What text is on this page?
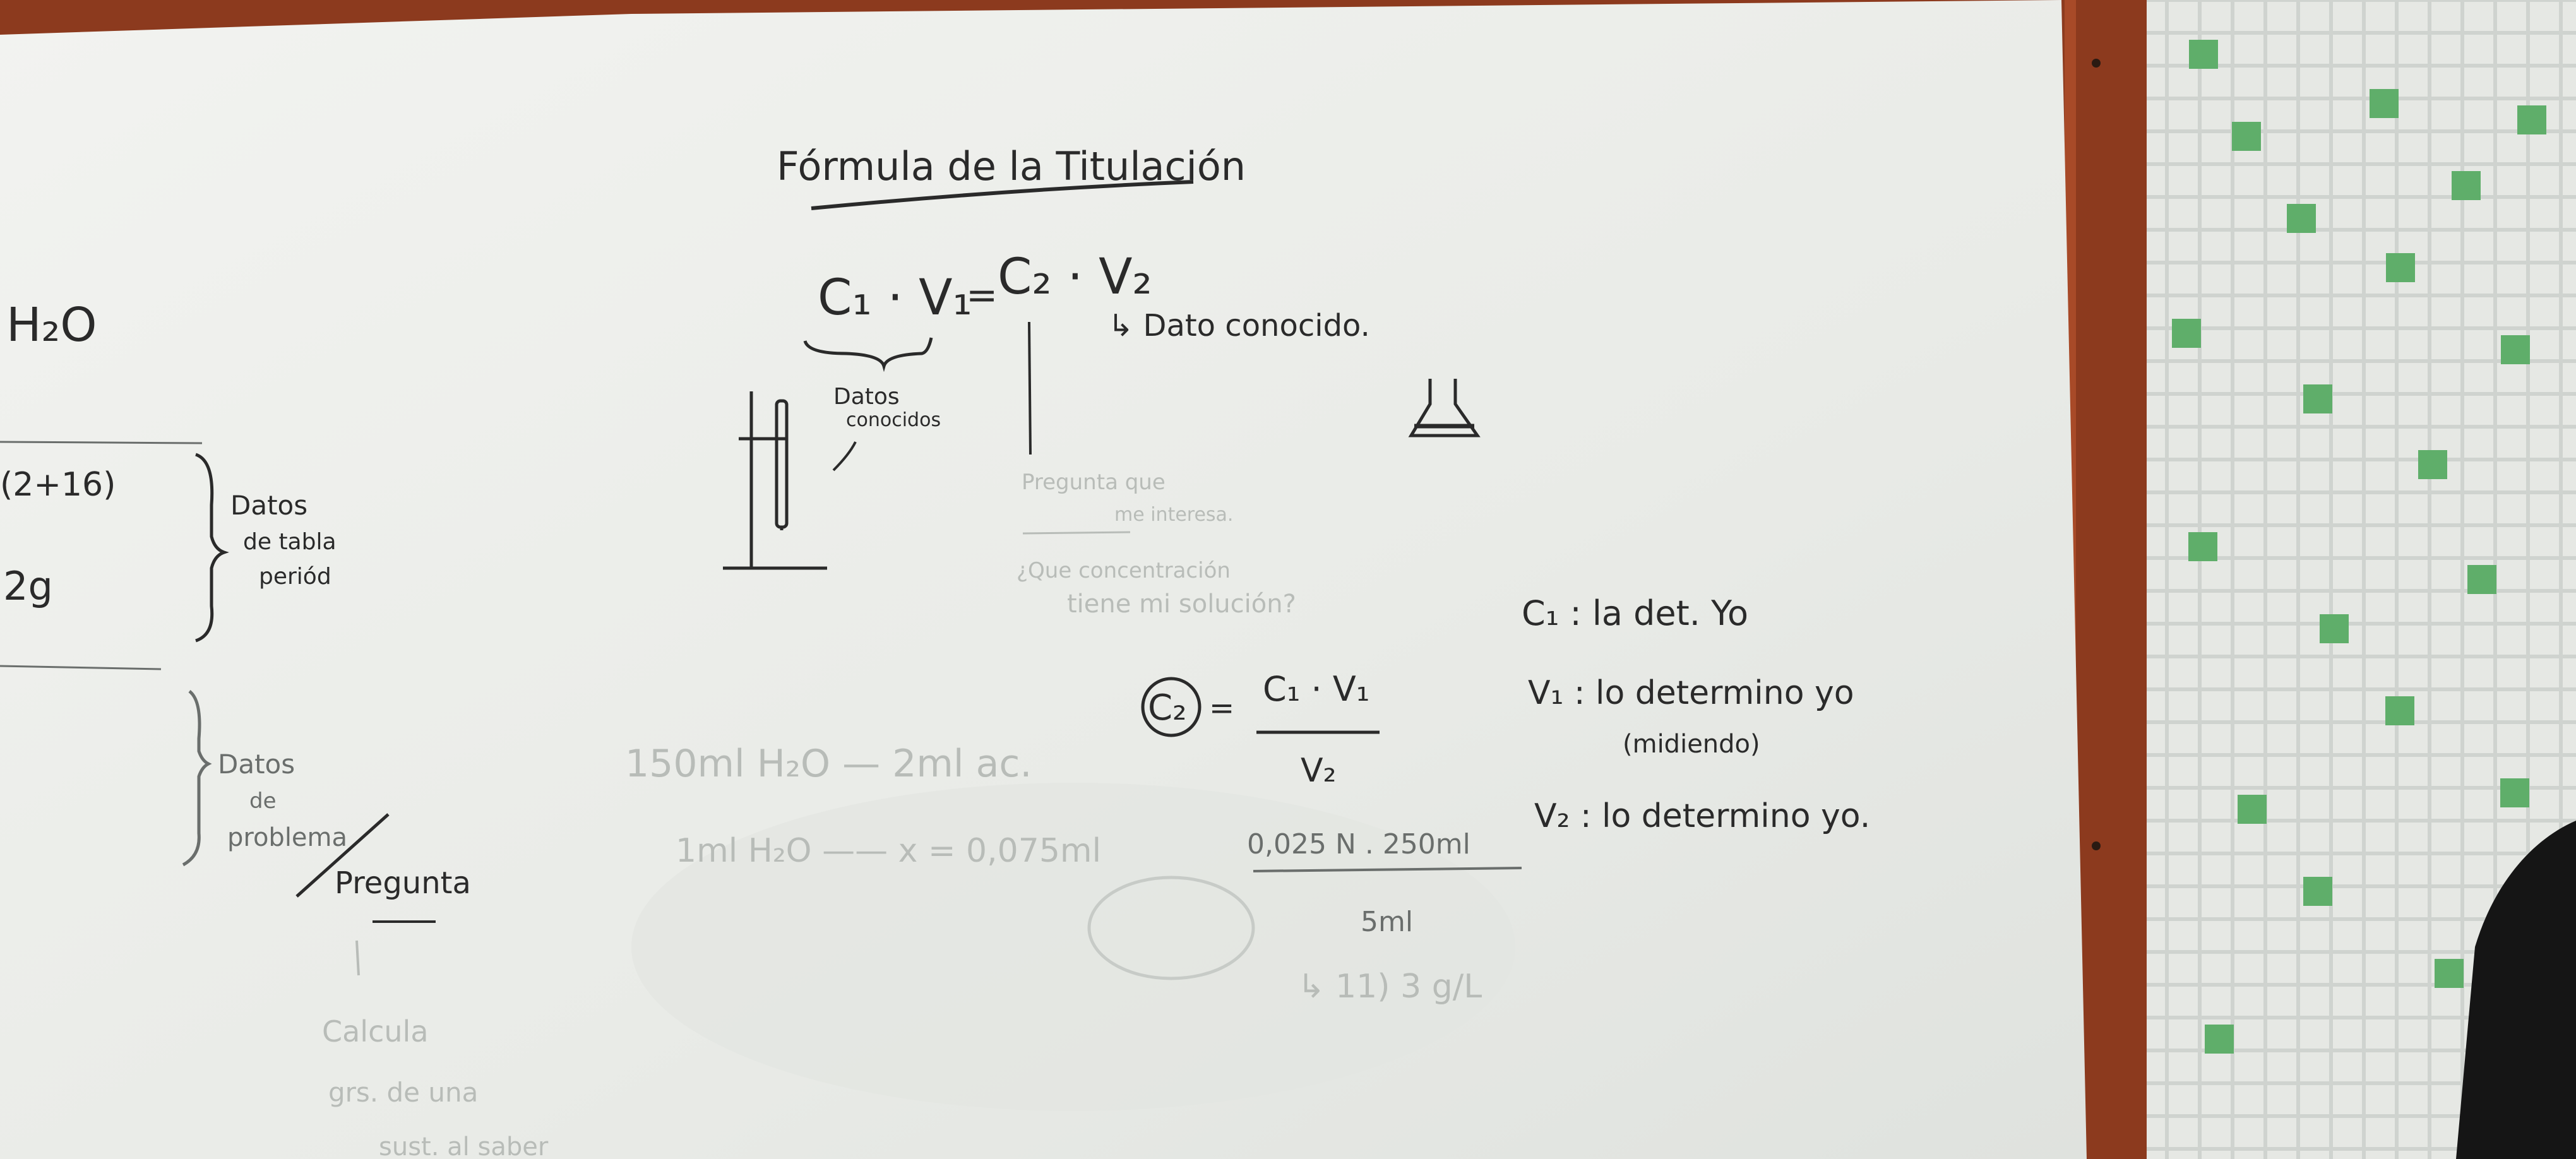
Fórmula de la Titulación
C₁ · V₁
= C₂ · V₂
↳ Dato conocido.
Datos
conocidos
Pregunta que
me interesa.
¿Que concentración
tiene mi solución?
C₂ = C₁ · V₁
V₂
0,025 N . 250ml
5ml
↳ 11) 3 g/L
150ml H₂O — 2ml ac.
1ml H₂O —— x = 0,075ml
C₁ : la det. Yo
V₁ : lo determino yo
(midiendo)
V₂ : lo determino yo.
H₂O
(2+16)
2g
Datos
de tabla
periód
Datos
de
problema
Pregunta
Calcula
grs. de una
sust. al saber
